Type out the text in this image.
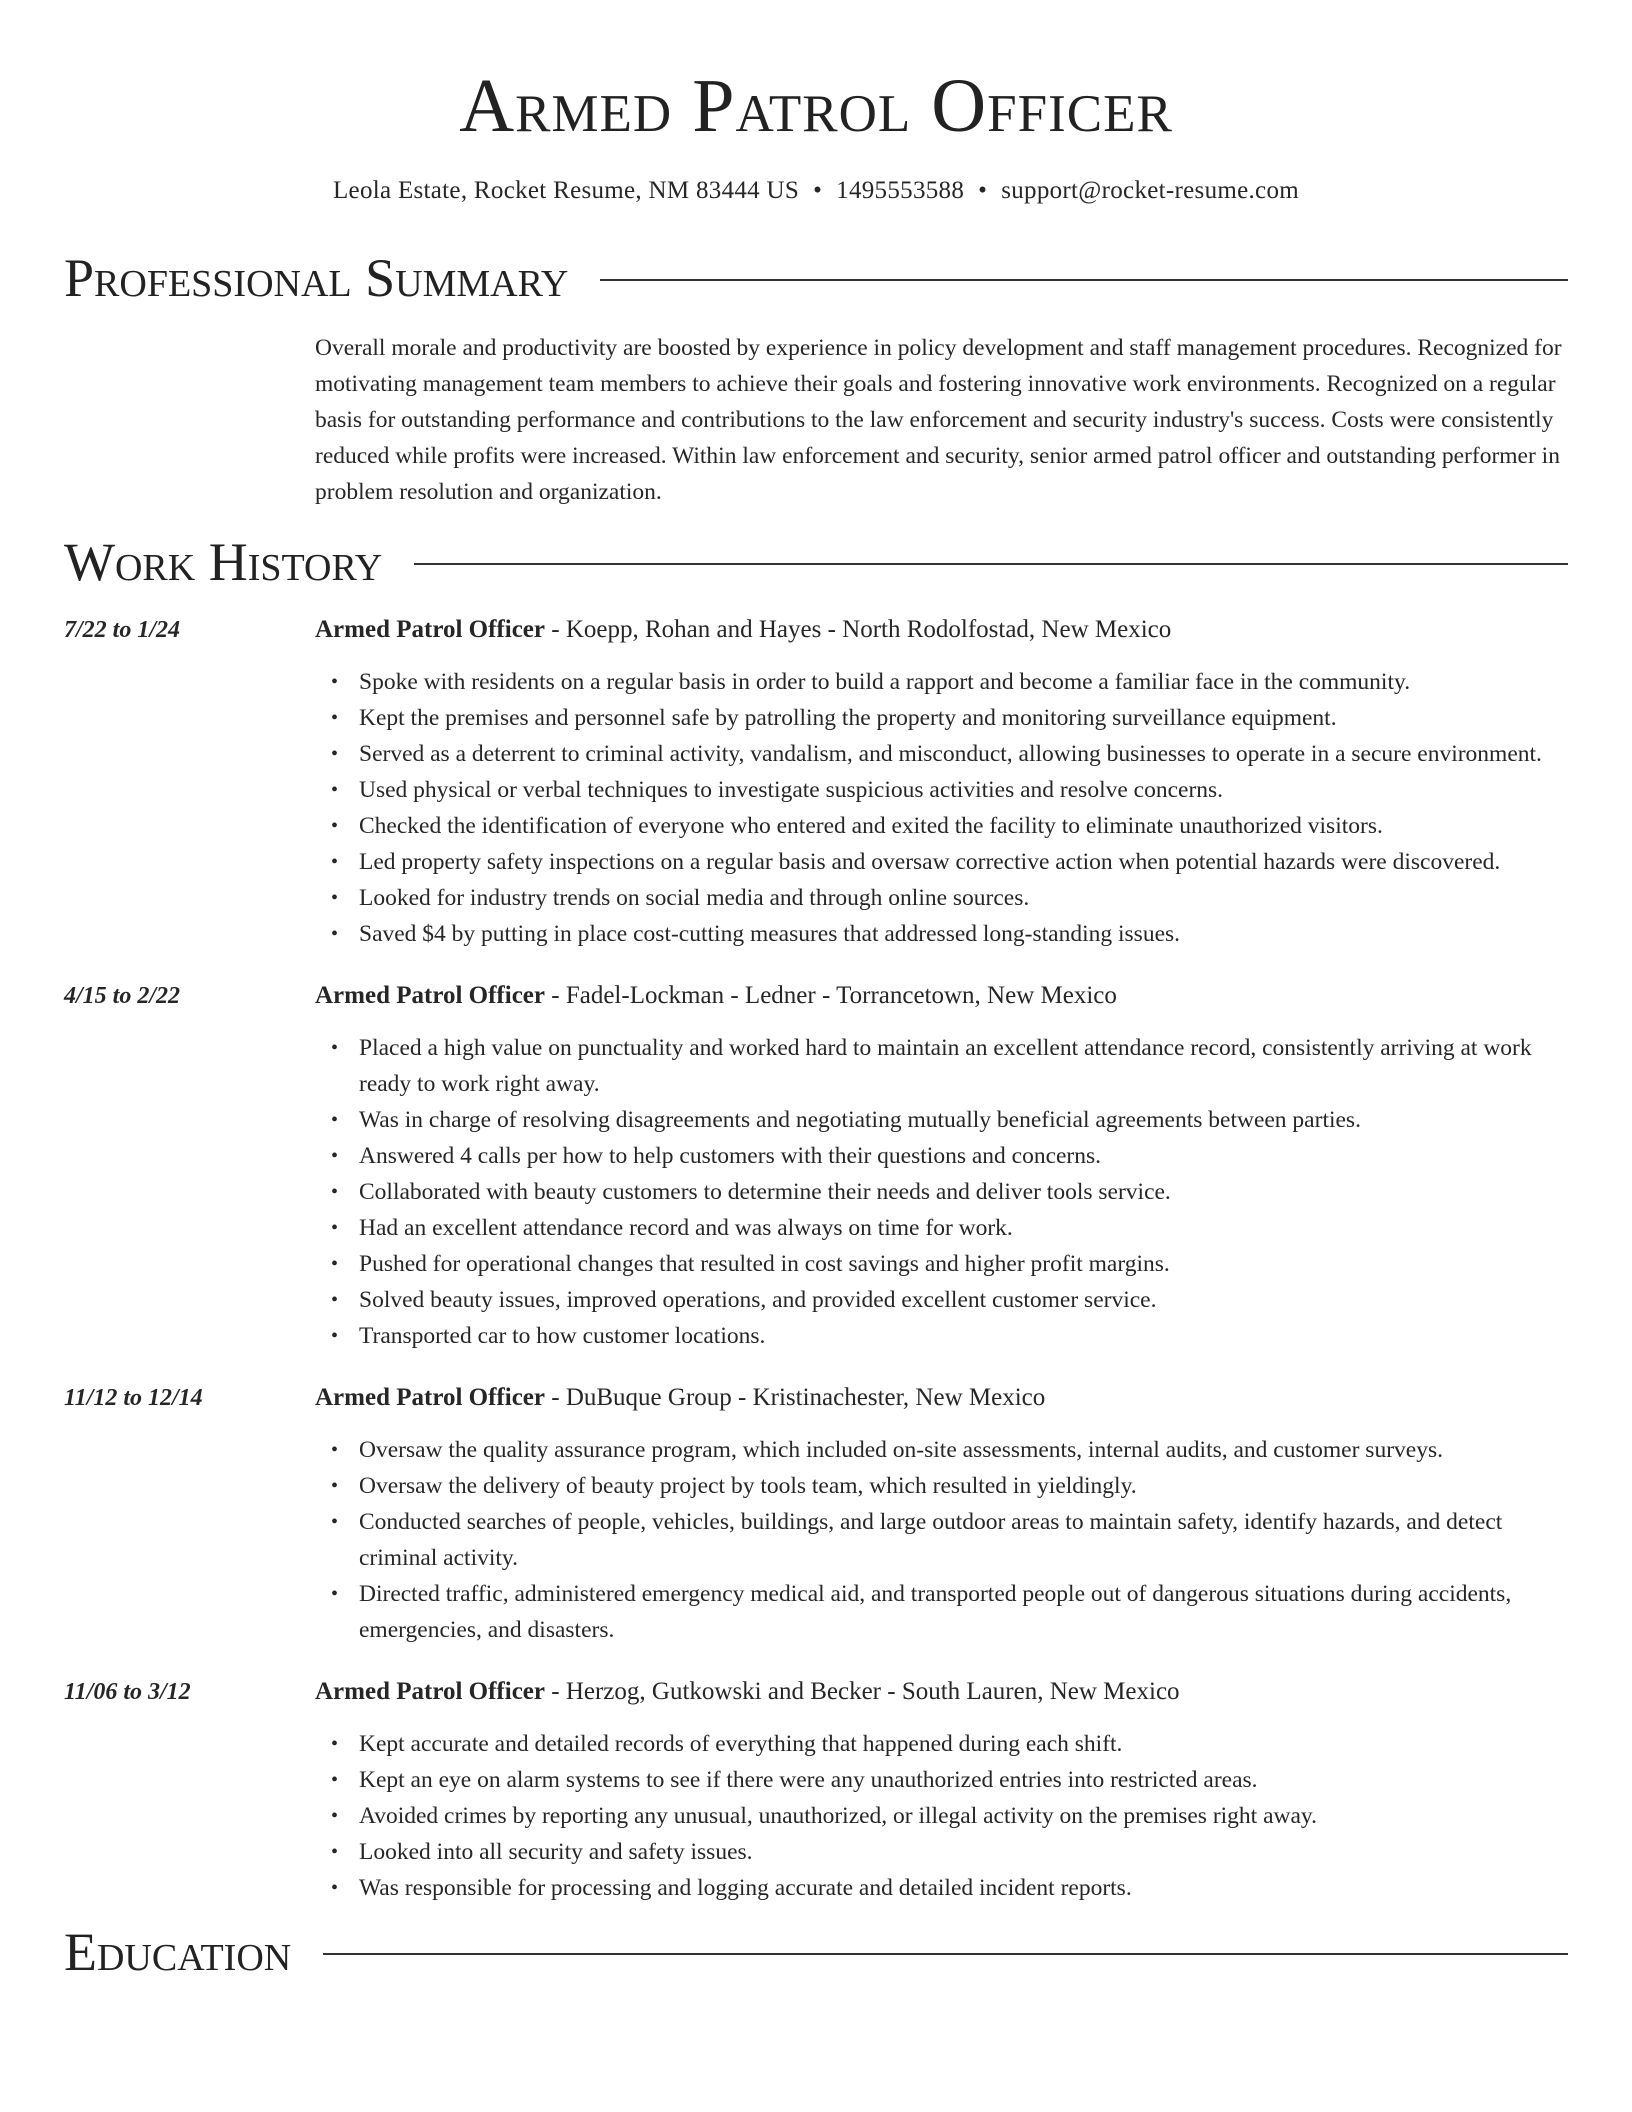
Armed Patrol Officer
Leola Estate, Rocket Resume, NM 83444 US • 1495553588 • support@rocket-resume.com
Professional Summary
Overall morale and productivity are boosted by experience in policy development and staff management procedures. Recognized for motivating management team members to achieve their goals and fostering innovative work environments. Recognized on a regular basis for outstanding performance and contributions to the law enforcement and security industry's success. Costs were consistently reduced while profits were increased. Within law enforcement and security, senior armed patrol officer and outstanding performer in problem resolution and organization.
Work History
7/22 to 1/24	Armed Patrol Officer - Koepp, Rohan and Hayes - North Rodolfostad, New Mexico
• Spoke with residents on a regular basis in order to build a rapport and become a familiar face in the community.
• Kept the premises and personnel safe by patrolling the property and monitoring surveillance equipment.
• Served as a deterrent to criminal activity, vandalism, and misconduct, allowing businesses to operate in a secure environment.
• Used physical or verbal techniques to investigate suspicious activities and resolve concerns.
• Checked the identification of everyone who entered and exited the facility to eliminate unauthorized visitors.
• Led property safety inspections on a regular basis and oversaw corrective action when potential hazards were discovered.
• Looked for industry trends on social media and through online sources.
• Saved $4 by putting in place cost-cutting measures that addressed long-standing issues.
4/15 to 2/22	Armed Patrol Officer - Fadel-Lockman - Ledner - Torrancetown, New Mexico
• Placed a high value on punctuality and worked hard to maintain an excellent attendance record, consistently arriving at work ready to work right away.
• Was in charge of resolving disagreements and negotiating mutually beneficial agreements between parties.
• Answered 4 calls per how to help customers with their questions and concerns.
• Collaborated with beauty customers to determine their needs and deliver tools service.
• Had an excellent attendance record and was always on time for work.
• Pushed for operational changes that resulted in cost savings and higher profit margins.
• Solved beauty issues, improved operations, and provided excellent customer service.
• Transported car to how customer locations.
11/12 to 12/14	Armed Patrol Officer - DuBuque Group - Kristinachester, New Mexico
• Oversaw the quality assurance program, which included on-site assessments, internal audits, and customer surveys.
• Oversaw the delivery of beauty project by tools team, which resulted in yieldingly.
• Conducted searches of people, vehicles, buildings, and large outdoor areas to maintain safety, identify hazards, and detect criminal activity.
• Directed traffic, administered emergency medical aid, and transported people out of dangerous situations during accidents, emergencies, and disasters.
11/06 to 3/12	Armed Patrol Officer - Herzog, Gutkowski and Becker - South Lauren, New Mexico
• Kept accurate and detailed records of everything that happened during each shift.
• Kept an eye on alarm systems to see if there were any unauthorized entries into restricted areas.
• Avoided crimes by reporting any unusual, unauthorized, or illegal activity on the premises right away.
• Looked into all security and safety issues.
• Was responsible for processing and logging accurate and detailed incident reports.
Education
